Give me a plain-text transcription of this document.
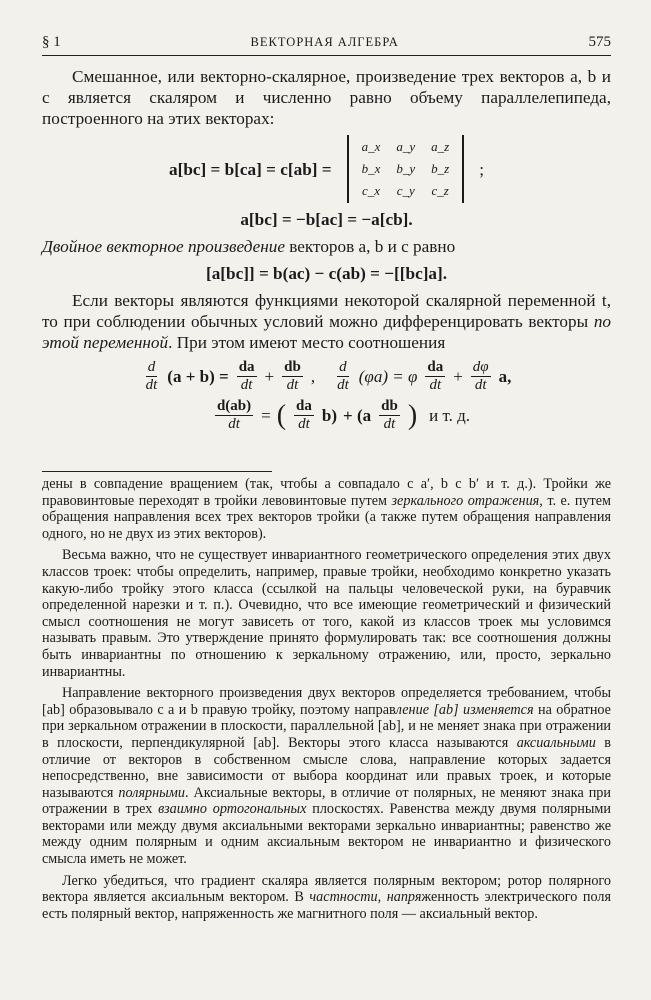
§ 1	ВЕКТОРНАЯ АЛГЕБРА	575

Смешанное, или векторно-скалярное, произведение трех векторов a, b и c является скаляром и численно равно объему параллелепипеда, построенного на этих векторах:

a[bc] = b[ca] = c[ab] =
a_x	a_y	a_z
b_x	b_y	b_z
c_x	c_y	c_z
;
a[bc] = −b[ac] = −a[cb].

Двойное векторное произведение векторов a, b и c равно

[a[bc]] = b(ac) − c(ab) = −[[bc]a].

Если векторы являются функциями некоторой скалярной переменной t, то при соблюдении обычных условий можно дифференцировать векторы по этой переменной. При этом имеют место соотношения

$\frac{d}{dt} (a + b) = \frac{da}{dt} + \frac{db}{dt}$ , $\frac{d}{dt} (\varphi a) = \varphi \frac{da}{dt} + \frac{d\varphi}{dt} a$,
$\frac{d(ab)}{dt}$ = ( $\frac{da}{dt} b) + (a \frac{db}{dt}$ ) и т. д.

дены в совпадение вращением (так, чтобы a совпадало с a′, b с b′ и т. д.). Тройки же правовинтовые переходят в тройки левовинтовые путем зеркального отражения, т. е. путем обращения направления всех трех векторов тройки (а также путем обращения направления одного, но не двух из этих векторов).

Весьма важно, что не существует инвариантного геометрического определения этих двух классов троек: чтобы определить, например, правые тройки, необходимо конкретно указать какую-либо тройку этого класса (ссылкой на пальцы человеческой руки, на буравчик определенной нарезки и т. п.). Очевидно, что все имеющие геометрический и физический смысл соотношения не могут зависеть от того, какой из классов троек мы условимся называть правым. Это утверждение принято формулировать так: все соотношения должны быть инвариантны по отношению к зеркальному отражению, или, просто, зеркально инвариантны.

Направление векторного произведения двух векторов определяется требованием, чтобы [ab] образовывало с a и b правую тройку, поэтому направление [ab] изменяется на обратное при зеркальном отражении в плоскости, параллельной [ab], и не меняет знака при отражении в плоскости, перпендикулярной [ab]. Векторы этого класса называются аксиальными в отличие от векторов в собственном смысле слова, направление которых задается непосредственно, вне зависимости от выбора координат или правых троек, и которые называются полярными. Аксиальные векторы, в отличие от полярных, не меняют знака при отражении в трех взаимно ортогональных плоскостях. Равенства между двумя полярными векторами или между двумя аксиальными векторами зеркально инвариантны; равенство же между одним полярным и одним аксиальным вектором не инвариантно и физического смысла иметь не может.

Легко убедиться, что градиент скаляра является полярным вектором; ротор полярного вектора является аксиальным вектором. В частности, напряженность электрического поля есть полярный вектор, напряженность же магнитного поля — аксиальный вектор.
